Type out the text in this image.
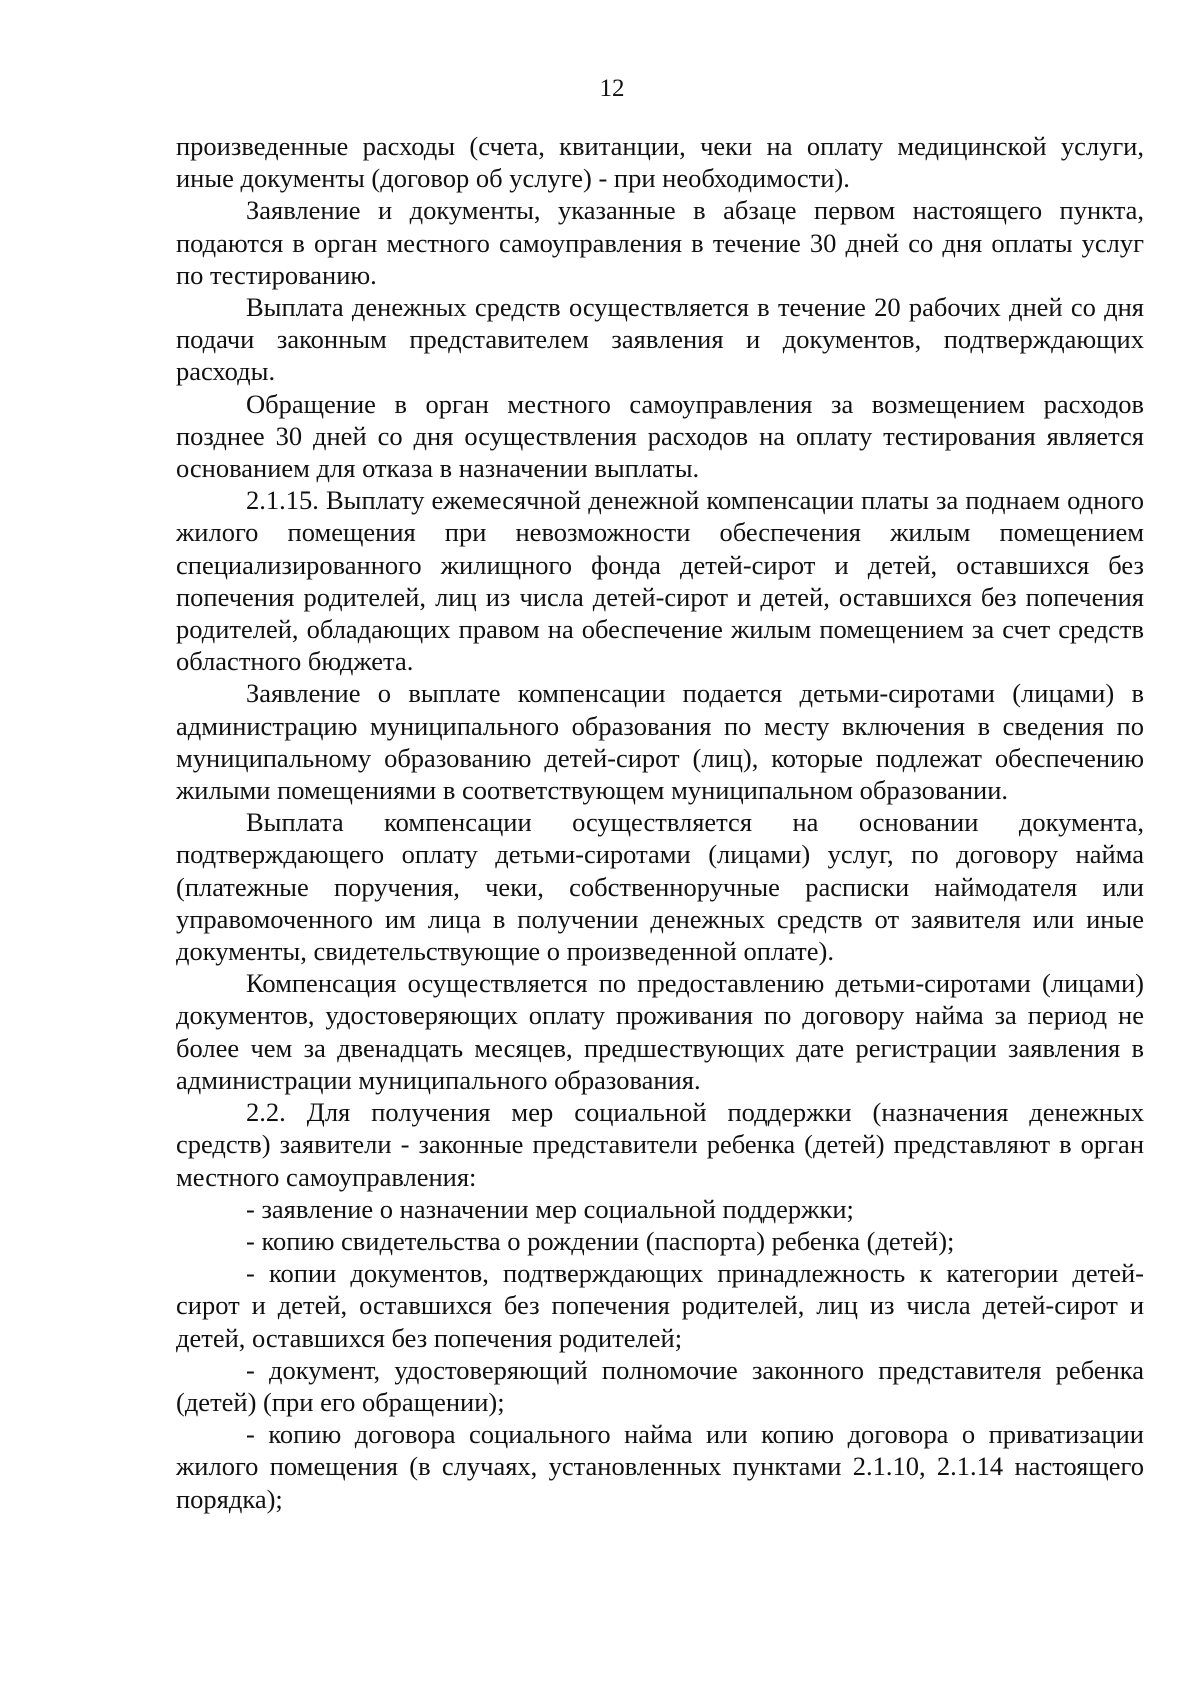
12

произведенные расходы (счета, квитанции, чеки на оплату медицинской услуги, иные документы (договор об услуге) - при необходимости).

Заявление и документы, указанные в абзаце первом настоящего пункта, подаются в орган местного самоуправления в течение 30 дней со дня оплаты услуг по тестированию.

Выплата денежных средств осуществляется в течение 20 рабочих дней со дня подачи законным представителем заявления и документов, подтверждающих расходы.

Обращение в орган местного самоуправления за возмещением расходов позднее 30 дней со дня осуществления расходов на оплату тестирования является основанием для отказа в назначении выплаты.

2.1.15. Выплату ежемесячной денежной компенсации платы за поднаем одного жилого помещения при невозможности обеспечения жилым помещением специализированного жилищного фонда детей-сирот и детей, оставшихся без попечения родителей, лиц из числа детей-сирот и детей, оставшихся без попечения родителей, обладающих правом на обеспечение жилым помещением за счет средств областного бюджета.

Заявление о выплате компенсации подается детьми-сиротами (лицами) в администрацию муниципального образования по месту включения в сведения по муниципальному образованию детей-сирот (лиц), которые подлежат обеспечению жилыми помещениями в соответствующем муниципальном образовании.

Выплата компенсации осуществляется на основании документа, подтверждающего оплату детьми-сиротами (лицами) услуг, по договору найма (платежные поручения, чеки, собственноручные расписки наймодателя или управомоченного им лица в получении денежных средств от заявителя или иные документы, свидетельствующие о произведенной оплате).

Компенсация осуществляется по предоставлению детьми-сиротами (лицами) документов, удостоверяющих оплату проживания по договору найма за период не более чем за двенадцать месяцев, предшествующих дате регистрации заявления в администрации муниципального образования.

2.2. Для получения мер социальной поддержки (назначения денежных средств) заявители - законные представители ребенка (детей) представляют в орган местного самоуправления:

- заявление о назначении мер социальной поддержки;

- копию свидетельства о рождении (паспорта) ребенка (детей);

- копии документов, подтверждающих принадлежность к категории детей-сирот и детей, оставшихся без попечения родителей, лиц из числа детей-сирот и детей, оставшихся без попечения родителей;

- документ, удостоверяющий полномочие законного представителя ребенка (детей) (при его обращении);

- копию договора социального найма или копию договора о приватизации жилого помещения (в случаях, установленных пунктами 2.1.10, 2.1.14 настоящего порядка);
